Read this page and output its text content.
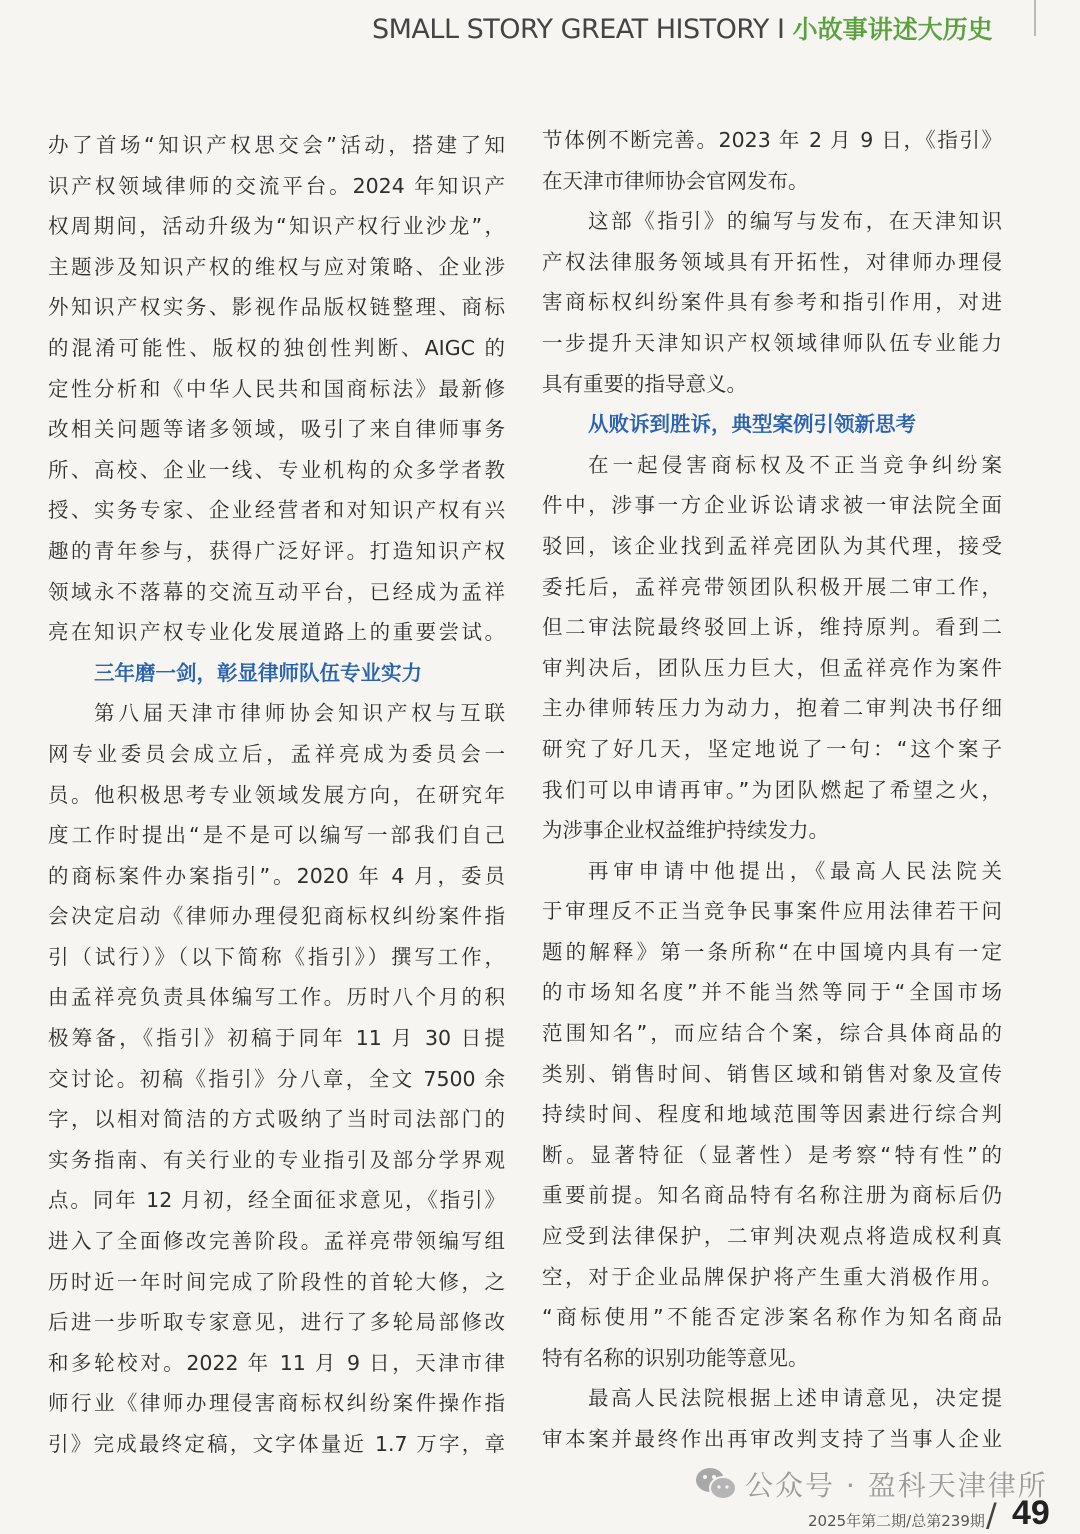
SMALL STORY GREAT HISTORY I 小故事讲述大历史
办了首场“知识产权思交会”活动，搭建了知
识产权领域律师的交流平台。2024 年知识产
权周期间，活动升级为“知识产权行业沙龙”，
主题涉及知识产权的维权与应对策略、企业涉
外知识产权实务、影视作品版权链整理、商标
的混淆可能性、版权的独创性判断、AIGC 的
定性分析和《中华人民共和国商标法》最新修
改相关问题等诸多领域，吸引了来自律师事务
所、高校、企业一线、专业机构的众多学者教
授、实务专家、企业经营者和对知识产权有兴
趣的青年参与，获得广泛好评。打造知识产权
领域永不落幕的交流互动平台，已经成为孟祥
亮在知识产权专业化发展道路上的重要尝试。
三年磨一剑，彰显律师队伍专业实力
第八届天津市律师协会知识产权与互联
网专业委员会成立后，孟祥亮成为委员会一
员。他积极思考专业领域发展方向，在研究年
度工作时提出“是不是可以编写一部我们自己
的商标案件办案指引”。2020 年 4 月，委员
会决定启动《律师办理侵犯商标权纠纷案件指
引（试行）》（以下简称《指引》）撰写工作，
由孟祥亮负责具体编写工作。历时八个月的积
极筹备，《指引》初稿于同年 11 月 30 日提
交讨论。初稿《指引》分八章，全文 7500 余
字，以相对简洁的方式吸纳了当时司法部门的
实务指南、有关行业的专业指引及部分学界观
点。同年 12 月初，经全面征求意见，《指引》
进入了全面修改完善阶段。孟祥亮带领编写组
历时近一年时间完成了阶段性的首轮大修，之
后进一步听取专家意见，进行了多轮局部修改
和多轮校对。2022 年 11 月 9 日，天津市律
师行业《律师办理侵害商标权纠纷案件操作指
引》完成最终定稿，文字体量近 1.7 万字，章
节体例不断完善。2023 年 2 月 9 日，《指引》
在天津市律师协会官网发布。
这部《指引》的编写与发布，在天津知识
产权法律服务领域具有开拓性，对律师办理侵
害商标权纠纷案件具有参考和指引作用，对进
一步提升天津知识产权领域律师队伍专业能力
具有重要的指导意义。
从败诉到胜诉，典型案例引领新思考
在一起侵害商标权及不正当竞争纠纷案
件中，涉事一方企业诉讼请求被一审法院全面
驳回，该企业找到孟祥亮团队为其代理，接受
委托后，孟祥亮带领团队积极开展二审工作，
但二审法院最终驳回上诉，维持原判。看到二
审判决后，团队压力巨大，但孟祥亮作为案件
主办律师转压力为动力，抱着二审判决书仔细
研究了好几天，坚定地说了一句：“这个案子
我们可以申请再审。”为团队燃起了希望之火，
为涉事企业权益维护持续发力。
再审申请中他提出，《最高人民法院关
于审理反不正当竞争民事案件应用法律若干问
题的解释》第一条所称“在中国境内具有一定
的市场知名度”并不能当然等同于“全国市场
范围知名”，而应结合个案，综合具体商品的
类别、销售时间、销售区域和销售对象及宣传
持续时间、程度和地域范围等因素进行综合判
断。显著特征（显著性）是考察“特有性”的
重要前提。知名商品特有名称注册为商标后仍
应受到法律保护，二审判决观点将造成权利真
空，对于企业品牌保护将产生重大消极作用。
“商标使用”不能否定涉案名称作为知名商品
特有名称的识别功能等意见。
最高人民法院根据上述申请意见，决定提
审本案并最终作出再审改判支持了当事人企业
公众号 · 盈科天津律所
2025年第二期/总第239期 / 49
